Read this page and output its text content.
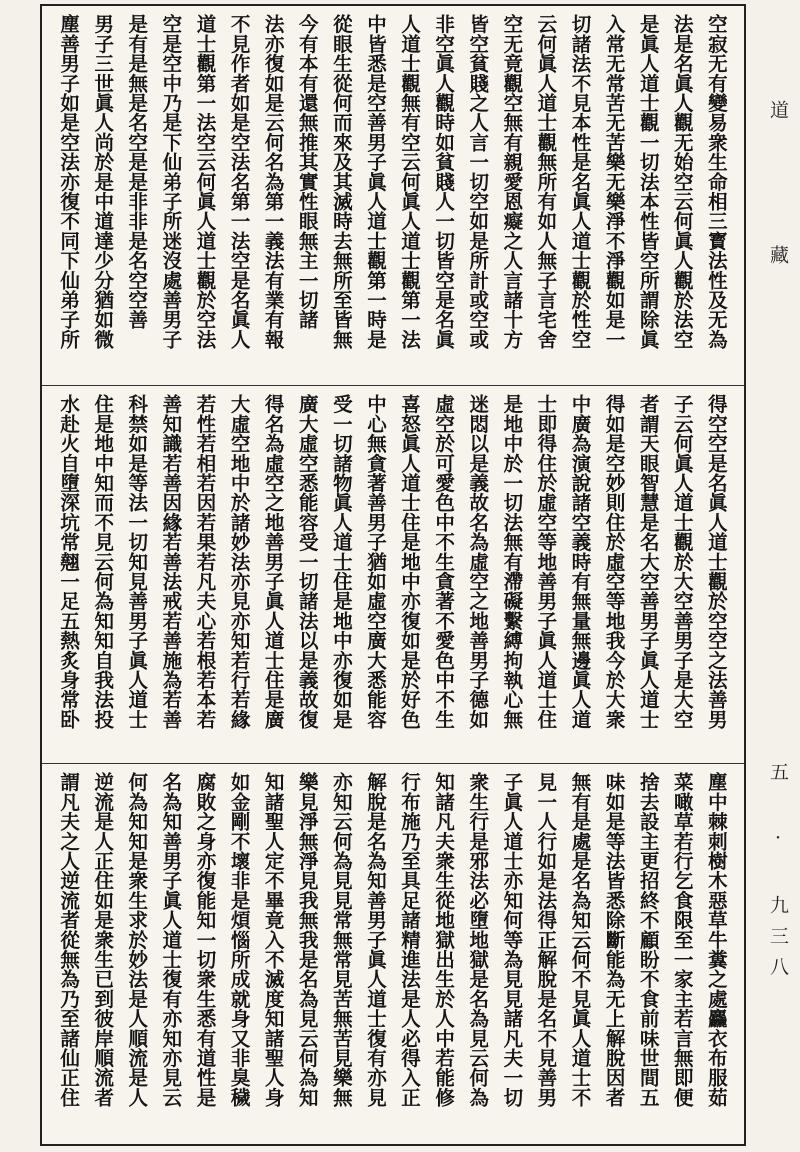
空寂无有變易衆生命相三寳法性及无為
法是名眞人觀无始空云何眞人觀於法空
是眞人道士觀一切法本性皆空所謂除眞
入常无常苦无苦樂无樂淨不淨觀如是一
切諸法不見本性是名眞人道士觀於性空
云何眞人道士觀無所有如人無子言宅舍
空无竟觀空無有親愛恩癡之人言諸十方
皆空貧賤之人言一切空如是所計或空或
非空眞人觀時如貧賤人一切皆空是名眞
人道士觀無有空云何眞人道士觀第一法
中皆悉是空善男子眞人道士觀第一時是
從眼生從何而來及其滅時去無所至皆無
今有本有還無推其實性眼無主一切諸
法亦復如是云何名為第一義法有業有報
不見作者如是空法名第一法空是名眞人
道士觀第一法空云何眞人道士觀於空法
空是空中乃是下仙弟子所迷沒處善男子
是有是無是名空是是非非是名空空善
男子三世眞人尚於是中道達少分猶如微
塵善男子如是空法亦復不同下仙弟子所
得空空是名眞人道士觀於空空之法善男
子云何眞人道士觀於大空善男子是大空
者謂天眼智慧是名大空善男子眞人道士
得如是空妙則住於虛空等地我今於大衆
中廣為演說諸空義時有無量無邊眞人道
士即得住於虛空等地善男子眞人道士住
是地中於一切法無有滯礙繫縛拘執心無
迷悶以是義故名為虛空之地善男子德如
虛空於可愛色中不生貪著不愛色中不生
喜怒眞人道士住是地中亦復如是於好色
中心無貪著善男子猶如虛空廣大悉能容
受一切諸物眞人道士住是地中亦復如是
廣大虛空悉能容受一切諸法以是義故復
得名為虛空之地善男子眞人道士住是廣
大虛空地中於諸妙法亦見亦知若行若緣
若性若相若因若果若凡夫心若根若本若
善知識若善因緣若善法戒若善施為若善
科禁如是等法一切知見善男子眞人道士
住是地中知而不見云何為知知自我法投
水赴火自墮深坑常翹一足五熱炙身常卧
塵中棘刺樹木惡草牛糞之處麤衣布服茹
菜噉草若行乞食限至一家主若言無即便
捨去設主更招終不顧盼不食前味世間五
味如是等法皆悉除斷能為无上解脫因者
無有是處是名為知云何不見眞人道士不
見一人行如是法得正解脫是名不見善男
子眞人道士亦知何等為見見諸凡夫一切
衆生行是邪法必墮地獄是名為見云何為
知諸凡夫衆生從地獄出生於人中若能修
行布施乃至具足諸精進法是人必得入正
解脫是名為知善男子眞人道士復有亦見
亦知云何為見見常無常見苦無苦見樂無
樂見淨無淨見我無我是名為見云何為知
知諸聖人定不畢竟入不滅度知諸聖人身
如金剛不壞非是煩惱所成就身又非臭穢
腐敗之身亦復能知一切衆生悉有道性是
名為知善男子眞人道士復有亦知亦見云
何為知知是衆生求於妙法是人順流是人
逆流是人正住如是衆生已到彼岸順流者
謂凡夫之人逆流者從無為乃至諸仙正住
道 藏
五 · 九三八
